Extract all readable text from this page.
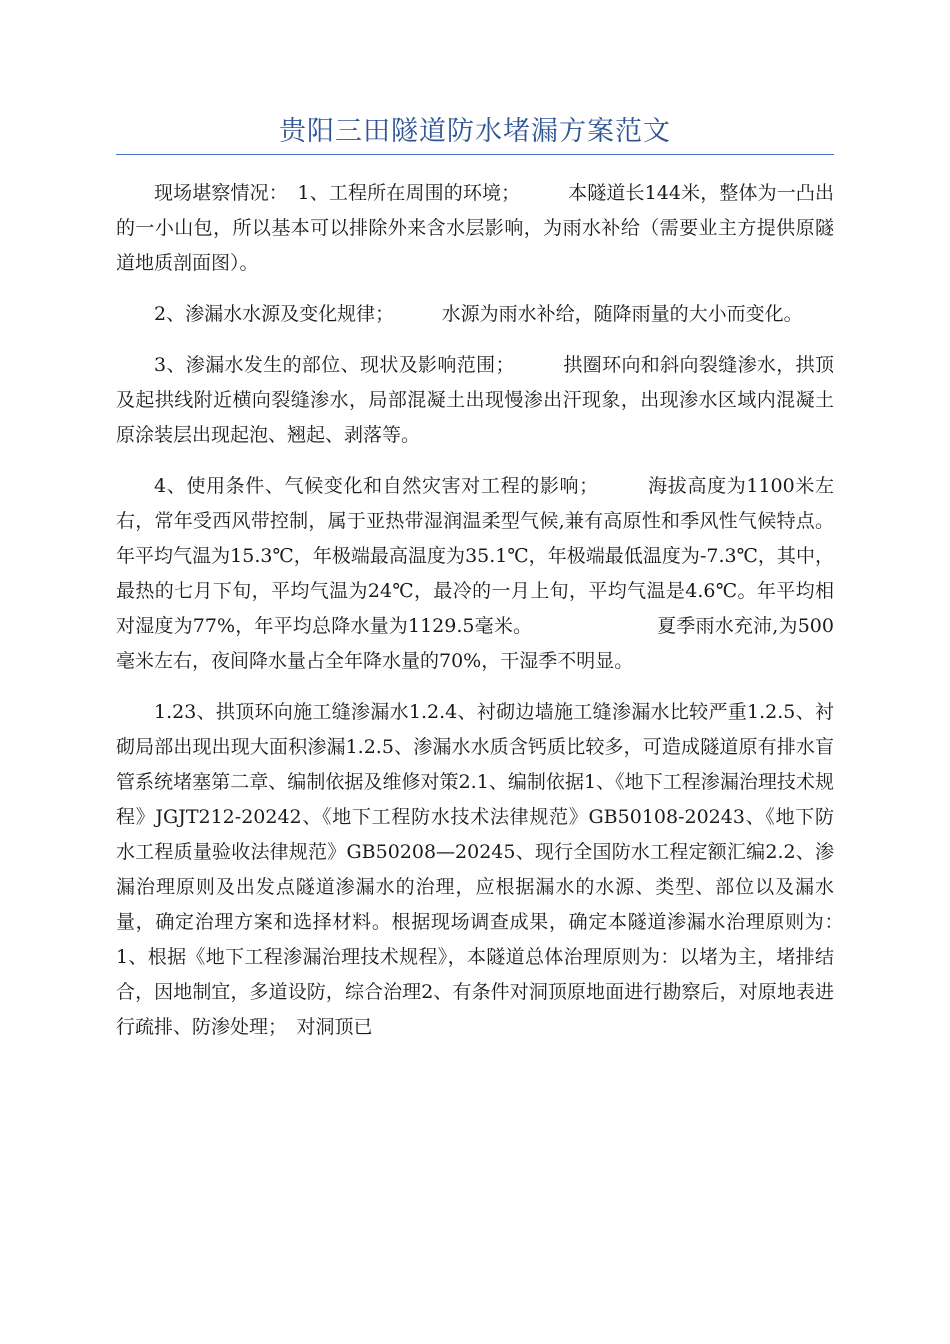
贵阳三田隧道防水堵漏方案范文

现场堪察情况：　1、工程所在周围的环境；　　　本隧道长144米，整体为一凸出的一小山包，所以基本可以排除外来含水层影响，为雨水补给（需要业主方提供原隧道地质剖面图）。

2、渗漏水水源及变化规律；　　　水源为雨水补给，随降雨量的大小而变化。

3、渗漏水发生的部位、现状及影响范围；　　　拱圈环向和斜向裂缝渗水，拱顶及起拱线附近横向裂缝渗水，局部混凝土出现慢渗出汗现象，出现渗水区域内混凝土原涂装层出现起泡、翘起、剥落等。

4、使用条件、气候变化和自然灾害对工程的影响；　　　海拔高度为1100米左右，常年受西风带控制，属于亚热带湿润温柔型气候,兼有高原性和季风性气候特点。年平均气温为15.3℃，年极端最高温度为35.1℃，年极端最低温度为-7.3℃，其中，最热的七月下旬，平均气温为24℃，最冷的一月上旬，平均气温是4.6℃。年平均相对湿度为77%，年平均总降水量为1129.5毫米。　　　　　　　夏季雨水充沛,为500毫米左右，夜间降水量占全年降水量的70%，干湿季不明显。

1.23、拱顶环向施工缝渗漏水1.2.4、衬砌边墙施工缝渗漏水比较严重1.2.5、衬砌局部出现出现大面积渗漏1.2.5、渗漏水水质含钙质比较多，可造成隧道原有排水盲管系统堵塞第二章、编制依据及维修对策2.1、编制依据1、《地下工程渗漏治理技术规程》JGJT212-20242、《地下工程防水技术法律规范》GB50108-20243、《地下防水工程质量验收法律规范》GB50208—20245、现行全国防水工程定额汇编2.2、渗漏治理原则及出发点隧道渗漏水的治理，应根据漏水的水源、类型、部位以及漏水量，确定治理方案和选择材料。根据现场调查成果，确定本隧道渗漏水治理原则为：　1、根据《地下工程渗漏治理技术规程》，本隧道总体治理原则为：以堵为主，堵排结合，因地制宜，多道设防，综合治理2、有条件对洞顶原地面进行勘察后，对原地表进行疏排、防渗处理；　对洞顶已
